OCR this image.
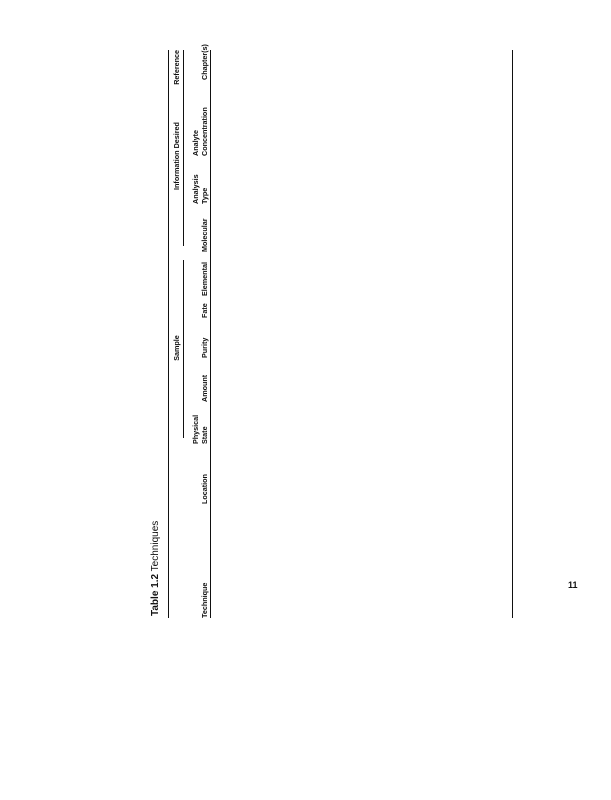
Table 1.2 Techniques
Sample
Information Desired
Reference
Technique
Location
Physical State
Amount
Purity
Fate
Elemental
Molecular
Analysis Type
Analyte Concentration
Chapter(s)
11
